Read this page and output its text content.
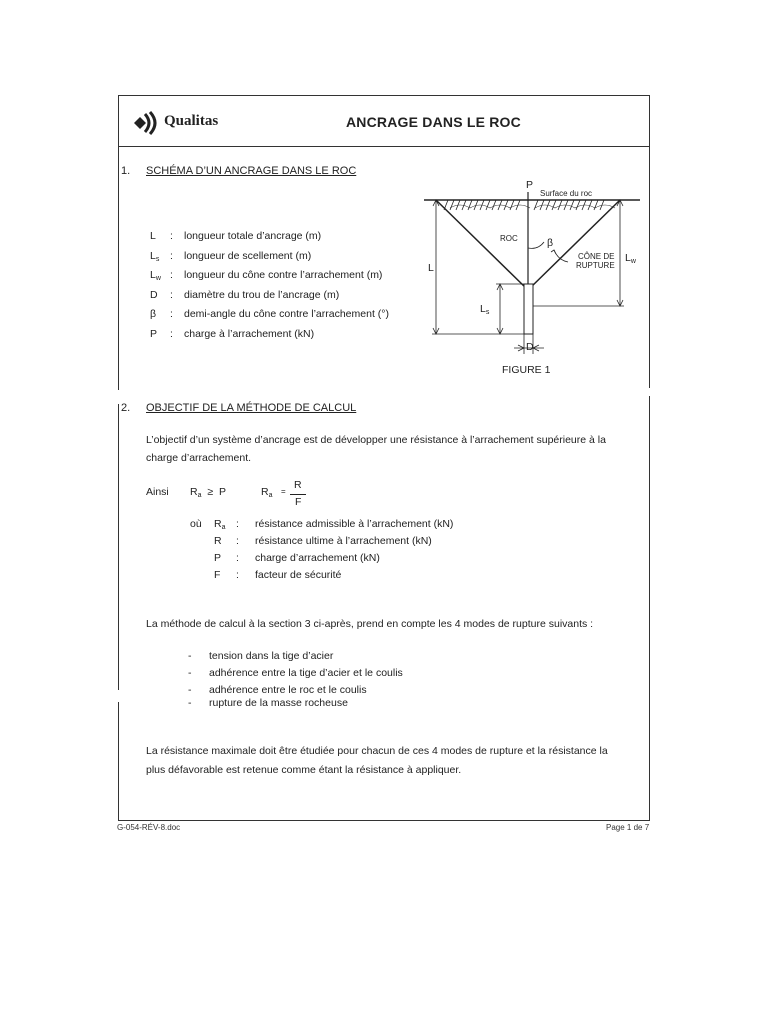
Qualitas	ANCRAGE DANS LE ROC
1. SCHÉMA D’UN ANCRAGE DANS LE ROC
L : longueur totale d’ancrage (m)
$L_s$ : longueur de scellement (m)
$L_w$ : longueur du cône contre l’arrachement (m)
D : diamètre du trou de l’ancrage (m)
β : demi-angle du cône contre l’arrachement (°)
P : charge à l’arrachement (kN)
P
Surface du roc
ROC	β
CÔNE DE
RUPTURE
L
$L_w$
$L_s$
D
FIGURE 1
2. OBJECTIF DE LA MÉTHODE DE CALCUL
L’objectif d’un système d’ancrage est de développer une résistance à l’arrachement supérieure à la
charge d’arrachement.
Ainsi $R_a \ge P$	$R_a$ =
R
F
où $R_a$ : résistance admissible à l’arrachement (kN)
R : résistance ultime à l’arrachement (kN)
P : charge d’arrachement (kN)
F : facteur de sécurité
La méthode de calcul à la section 3 ci-après, prend en compte les 4 modes de rupture suivants :
- tension dans la tige d’acier
- adhérence entre la tige d’acier et le coulis
- adhérence entre le roc et le coulis
- rupture de la masse rocheuse
La résistance maximale doit être étudiée pour chacun de ces 4 modes de rupture et la résistance la
plus défavorable est retenue comme étant la résistance à appliquer.
G-054-RÉV-8.doc	Page 1 de 7
